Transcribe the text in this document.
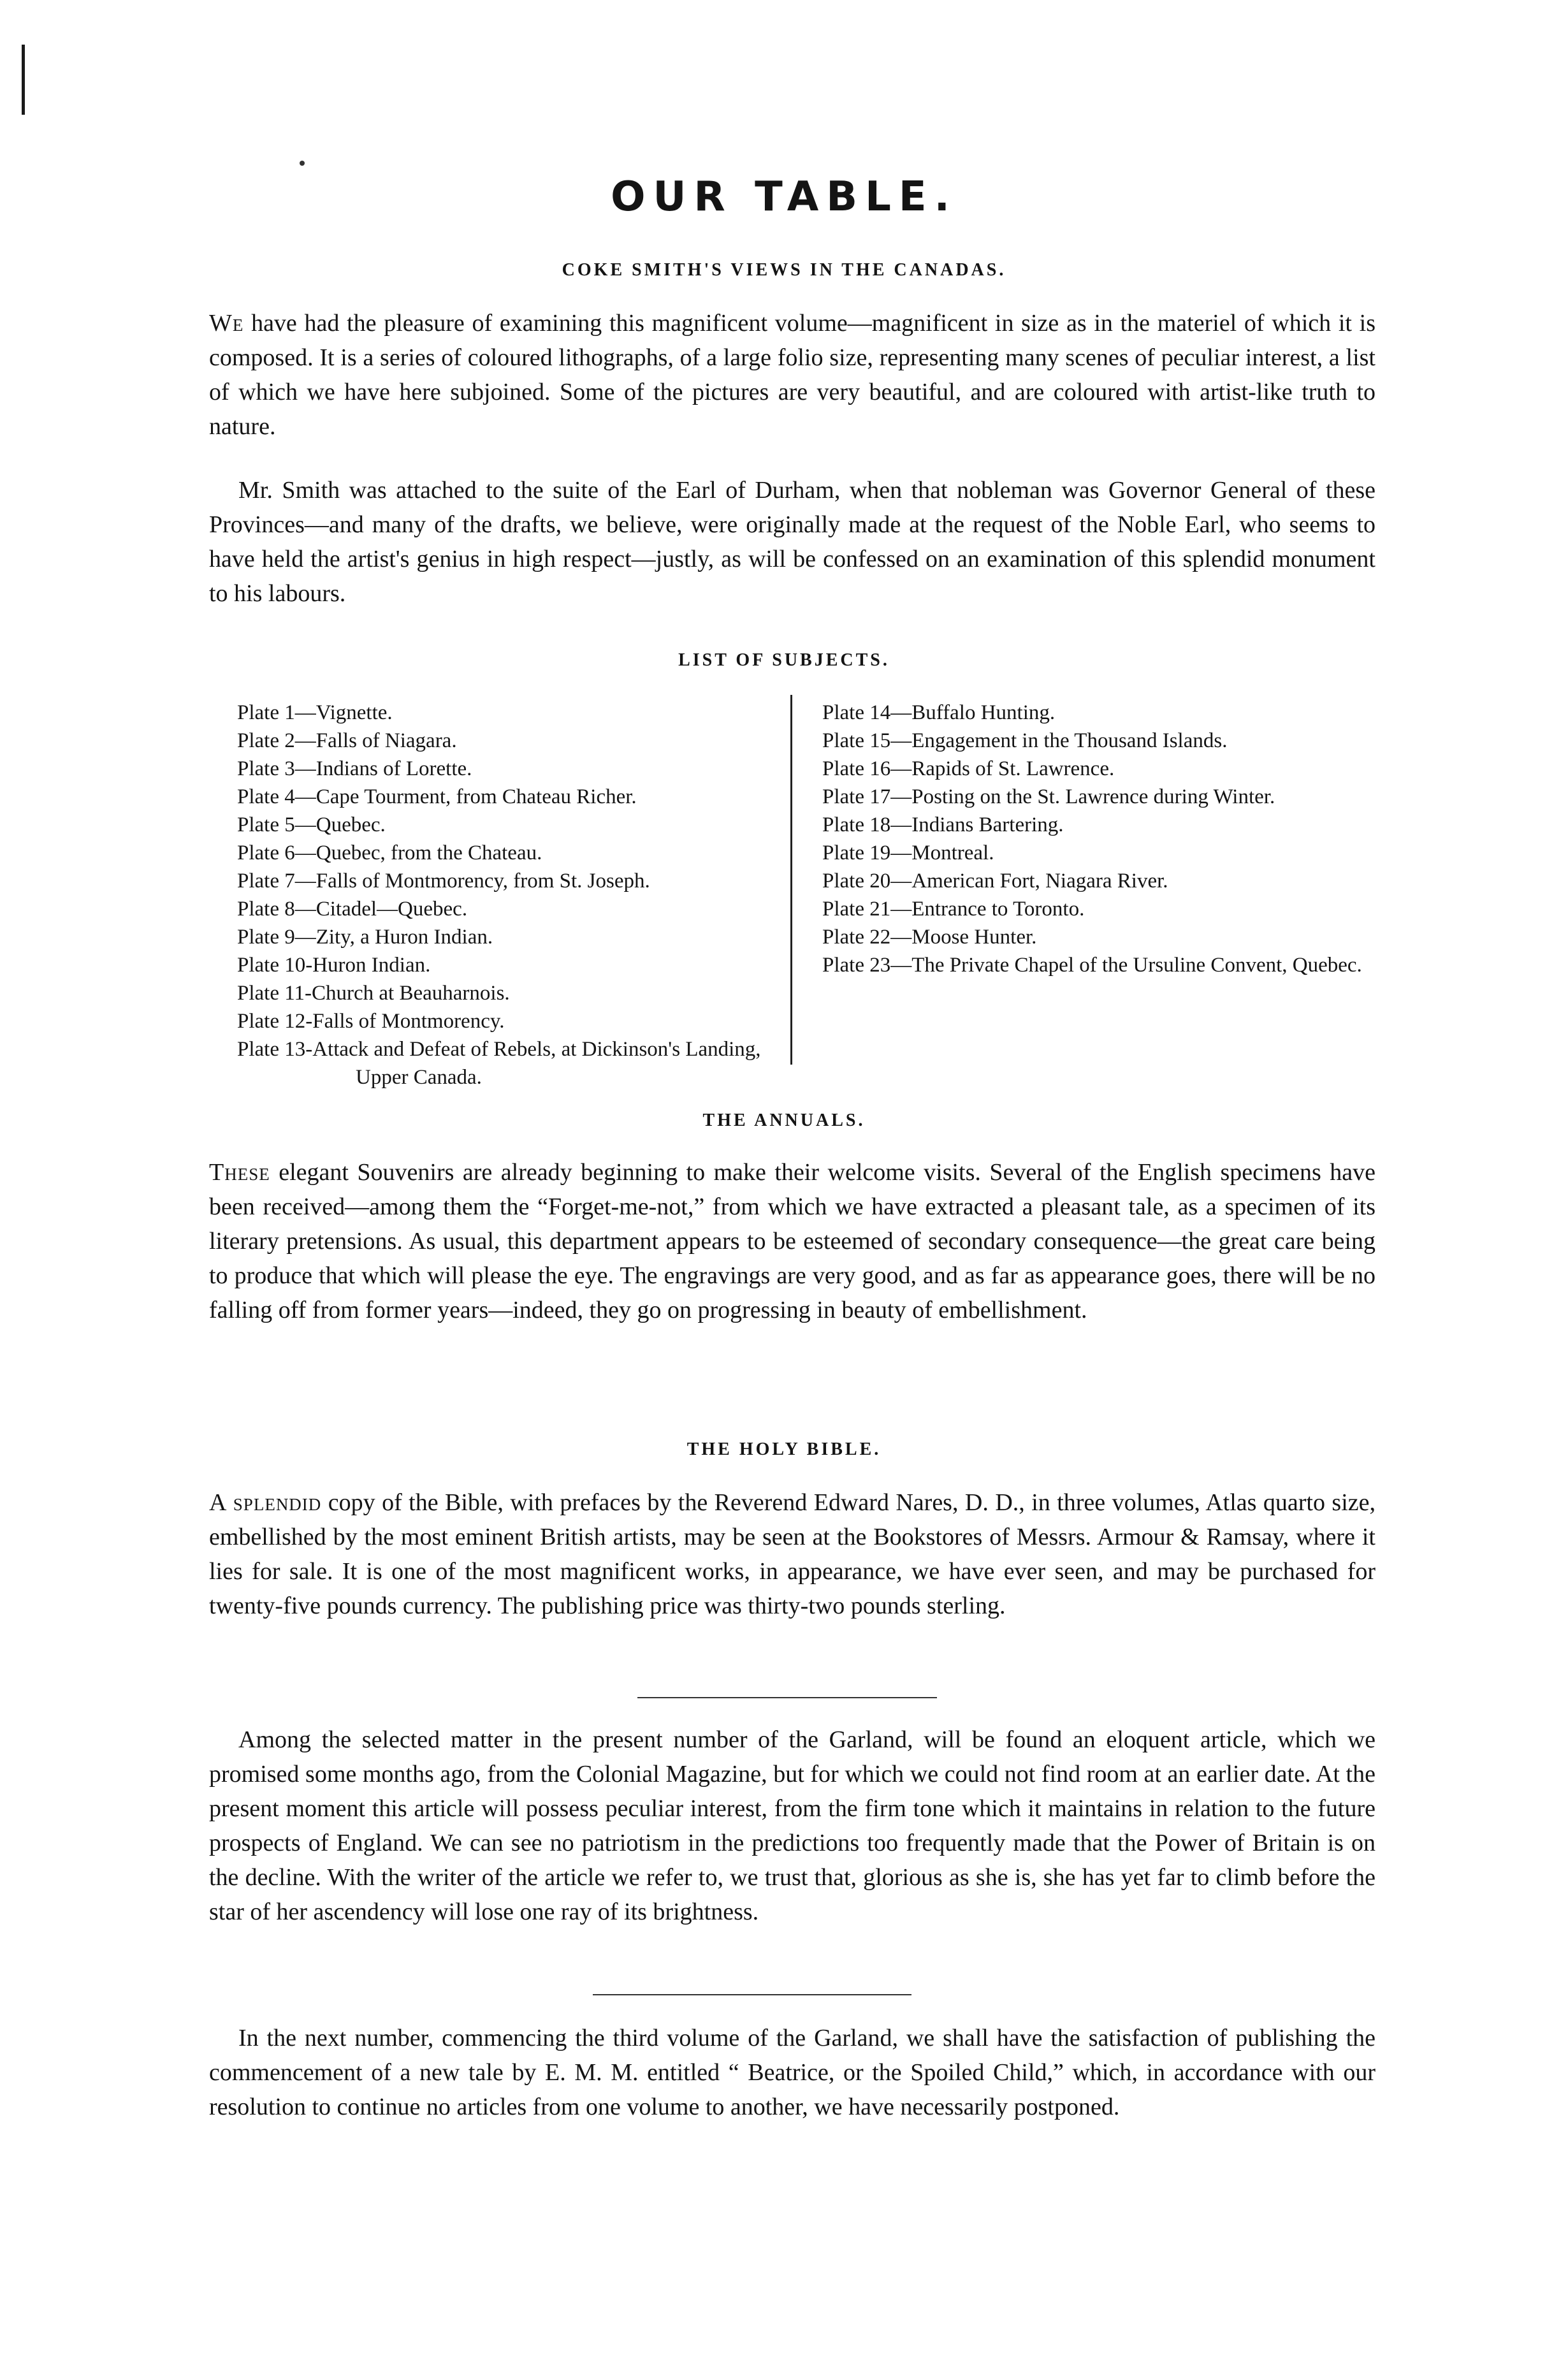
OUR TABLE.
COKE SMITH'S VIEWS IN THE CANADAS.

We have had the pleasure of examining this magnificent volume—magnificent in size as in the materiel of which it is composed. It is a series of coloured lithographs, of a large folio size, representing many scenes of peculiar interest, a list of which we have here subjoined. Some of the pictures are very beautiful, and are coloured with artist-like truth to nature.

Mr. Smith was attached to the suite of the Earl of Durham, when that nobleman was Governor General of these Provinces—and many of the drafts, we believe, were originally made at the request of the Noble Earl, who seems to have held the artist's genius in high respect—justly, as will be confessed on an examination of this splendid monument to his labours.

LIST OF SUBJECTS.
Plate 1—Vignette.
Plate 2—Falls of Niagara.
Plate 3—Indians of Lorette.
Plate 4—Cape Tourment, from Chateau Richer.
Plate 5—Quebec.
Plate 6—Quebec, from the Chateau.
Plate 7—Falls of Montmorency, from St. Joseph.
Plate 8—Citadel—Quebec.
Plate 9—Zity, a Huron Indian.
Plate 10-Huron Indian.
Plate 11-Church at Beauharnois.
Plate 12-Falls of Montmorency.
Plate 13-Attack and Defeat of Rebels, at Dickinson's Landing, Upper Canada.
Plate 14—Buffalo Hunting.
Plate 15—Engagement in the Thousand Islands.
Plate 16—Rapids of St. Lawrence.
Plate 17—Posting on the St. Lawrence during Winter.
Plate 18—Indians Bartering.
Plate 19—Montreal.
Plate 20—American Fort, Niagara River.
Plate 21—Entrance to Toronto.
Plate 22—Moose Hunter.
Plate 23—The Private Chapel of the Ursuline Convent, Quebec.
THE ANNUALS.

These elegant Souvenirs are already beginning to make their welcome visits. Several of the English specimens have been received—among them the “Forget-me-not,” from which we have extracted a pleasant tale, as a specimen of its literary pretensions. As usual, this department appears to be esteemed of secondary consequence—the great care being to produce that which will please the eye. The engravings are very good, and as far as appearance goes, there will be no falling off from former years—indeed, they go on progressing in beauty of embellishment.

THE HOLY BIBLE.

A splendid copy of the Bible, with prefaces by the Reverend Edward Nares, D. D., in three volumes, Atlas quarto size, embellished by the most eminent British artists, may be seen at the Bookstores of Messrs. Armour & Ramsay, where it lies for sale. It is one of the most magnificent works, in appearance, we have ever seen, and may be purchased for twenty-five pounds currency. The publishing price was thirty-two pounds sterling.

Among the selected matter in the present number of the Garland, will be found an eloquent article, which we promised some months ago, from the Colonial Magazine, but for which we could not find room at an earlier date. At the present moment this article will possess peculiar interest, from the firm tone which it maintains in relation to the future prospects of England. We can see no patriotism in the predictions too frequently made that the Power of Britain is on the decline. With the writer of the article we refer to, we trust that, glorious as she is, she has yet far to climb before the star of her ascendency will lose one ray of its brightness.

In the next number, commencing the third volume of the Garland, we shall have the satisfaction of publishing the commencement of a new tale by E. M. M. entitled “ Beatrice, or the Spoiled Child,” which, in accordance with our resolution to continue no articles from one volume to another, we have necessarily postponed.
